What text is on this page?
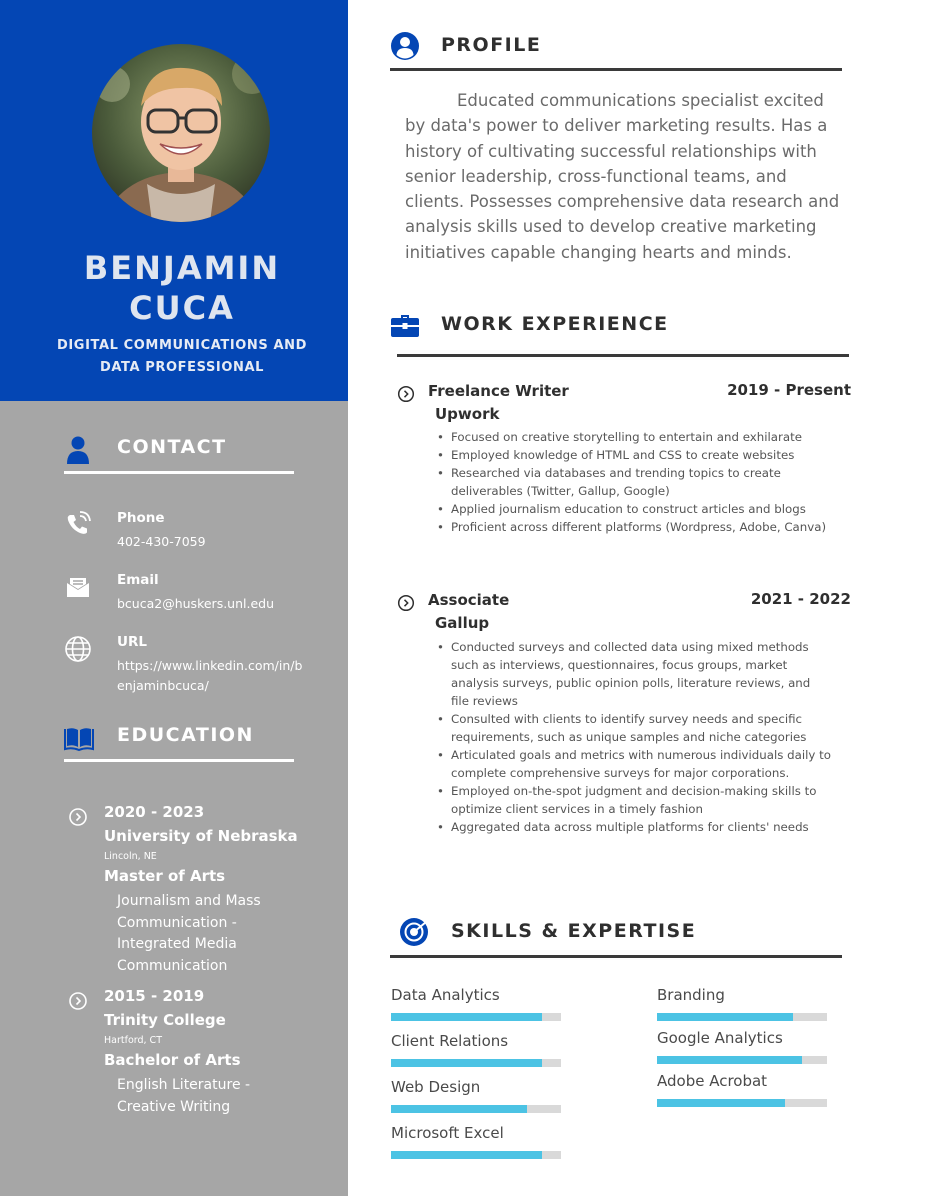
BENJAMIN
CUCA
DIGITAL COMMUNICATIONS AND
DATA PROFESSIONAL
CONTACT
Phone
402-430-7059
Email
bcuca2@huskers.unl.edu
URL
https://www.linkedin.com/in/benjaminbcuca/
EDUCATION
2020 - 2023
University of Nebraska
Lincoln, NE
Master of Arts
Journalism and Mass Communication - Integrated Media Communication
2015 - 2019
Trinity College
Hartford, CT
Bachelor of Arts
English Literature - Creative Writing
PROFILE

Educated communications specialist excited by data's power to deliver marketing results. Has a history of cultivating successful relationships with senior leadership, cross-functional teams, and clients. Possesses comprehensive data research and analysis skills used to develop creative marketing initiatives capable changing hearts and minds.

WORK EXPERIENCE
Freelance Writer	2019 - Present
Upwork
• Focused on creative storytelling to entertain and exhilarate
• Employed knowledge of HTML and CSS to create websites
• Researched via databases and trending topics to create deliverables (Twitter, Gallup, Google)
• Applied journalism education to construct articles and blogs
• Proficient across different platforms (Wordpress, Adobe, Canva)
Associate	2021 - 2022
Gallup
• Conducted surveys and collected data using mixed methods such as interviews, questionnaires, focus groups, market analysis surveys, public opinion polls, literature reviews, and file reviews
• Consulted with clients to identify survey needs and specific requirements, such as unique samples and niche categories
• Articulated goals and metrics with numerous individuals daily to complete comprehensive surveys for major corporations.
• Employed on-the-spot judgment and decision-making skills to optimize client services in a timely fashion
• Aggregated data across multiple platforms for clients' needs
SKILLS & EXPERTISE
Data Analytics
Client Relations
Web Design
Microsoft Excel
Branding
Google Analytics
Adobe Acrobat
